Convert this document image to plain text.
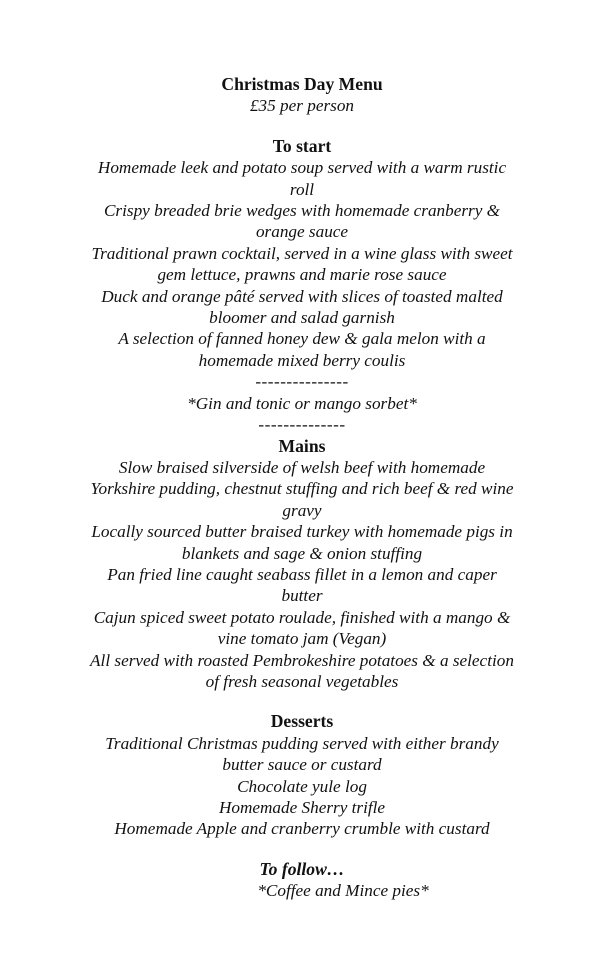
Christmas Day Menu
£35 per person
To start
Homemade leek and potato soup served with a warm rustic
roll
Crispy breaded brie wedges with homemade cranberry &
orange sauce
Traditional prawn cocktail, served in a wine glass with sweet
gem lettuce, prawns and marie rose sauce
Duck and orange pâté served with slices of toasted malted
bloomer and salad garnish
A selection of fanned honey dew & gala melon with a
homemade mixed berry coulis
---------------
*Gin and tonic or mango sorbet*
--------------
Mains
Slow braised silverside of welsh beef with homemade
Yorkshire pudding, chestnut stuffing and rich beef & red wine
gravy
Locally sourced butter braised turkey with homemade pigs in
blankets and sage & onion stuffing
Pan fried line caught seabass fillet in a lemon and caper
butter
Cajun spiced sweet potato roulade, finished with a mango &
vine tomato jam (Vegan)
All served with roasted Pembrokeshire potatoes & a selection
of fresh seasonal vegetables
Desserts
Traditional Christmas pudding served with either brandy
butter sauce or custard
Chocolate yule log
Homemade Sherry trifle
Homemade Apple and cranberry crumble with custard
To follow…
*Coffee and Mince pies*
